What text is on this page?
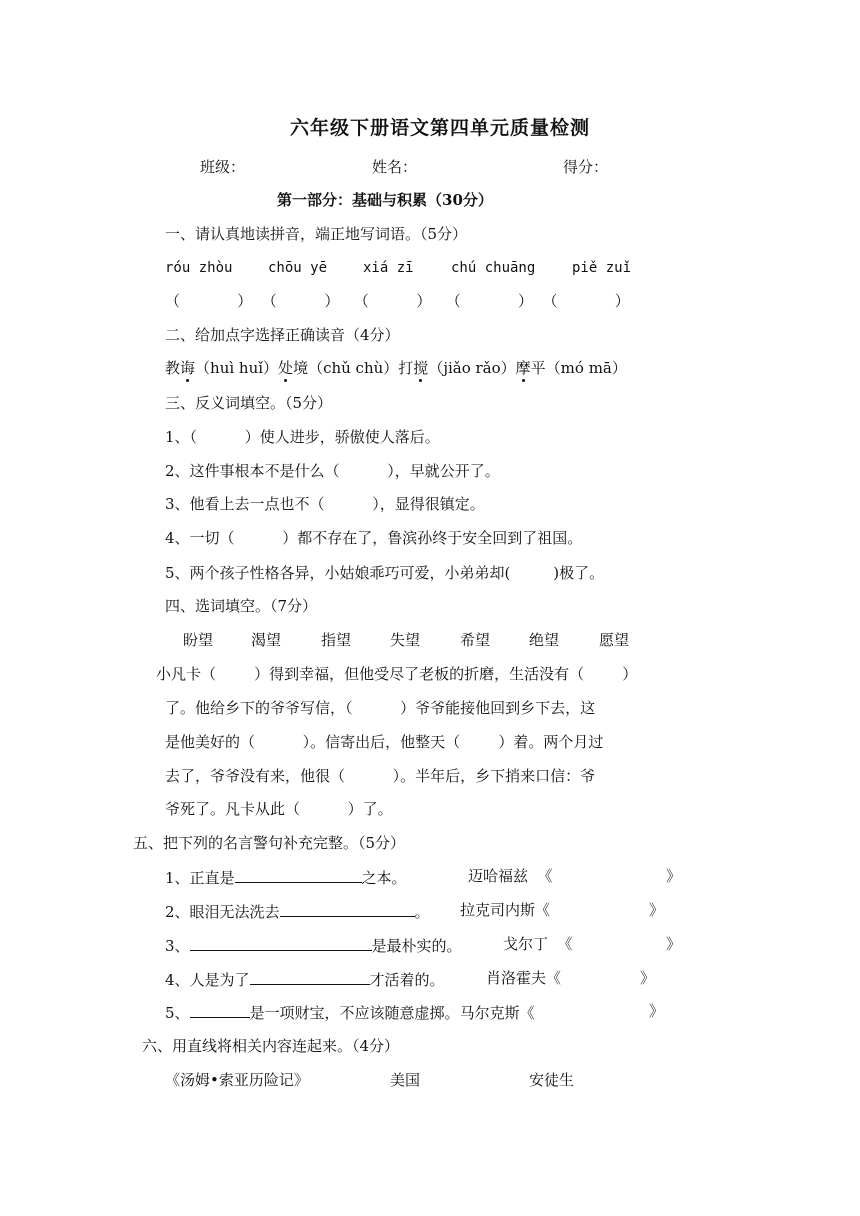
六年级下册语文第四单元质量检测
班级：	姓名：	得分：
第一部分：基础与积累（30分）
一、请认真地读拼音，端正地写词语。（5分）
róu zhòu	chōu yē	xiá zī	chú chuāng	piě zuǐ
（            ）  （          ）   （          ）   （            ）  （            ）
二、给加点字选择正确读音（4分）
教诲（huì huǐ）处境（chǔ chù）打搅（jiǎo rǎo）摩平（mó mā）
三、反义词填空。（5分）
1、（          ）使人进步，骄傲使人落后。
2、这件事根本不是什么（          ），早就公开了。
3、他看上去一点也不（          ），显得很镇定。
4、一切（          ）都不存在了，鲁滨孙终于安全回到了祖国。
5、两个孩子性格各异，小姑娘乖巧可爱，小弟弟却(         )极了。
四、选词填空。（7分）
盼望	渴望	指望	失望	希望	绝望	愿望
小凡卡（        ）得到幸福，但他受尽了老板的折磨，生活没有（        ）
了。他给乡下的爷爷写信，（          ）爷爷能接他回到乡下去，这
是他美好的（          ）。信寄出后，他整天（        ）着。两个月过
去了，爷爷没有来，他很（          ）。半年后，乡下捎来口信：爷
爷死了。凡卡从此（          ）了。
五、把下列的名言警句补充完整。（5分）
1、正直是	之本。	迈哈福兹  《	》
2、眼泪无法洗去	。 拉克司内斯《	》
3、	是最朴实的。	戈尔丁  《	》
4、人是为了	才活着的。	肖洛霍夫《	》
5、	是一项财宝，不应该随意虚掷。马尔克斯《	》
六、用直线将相关内容连起来。（4分）
《汤姆•索亚历险记》	美国	安徒生
